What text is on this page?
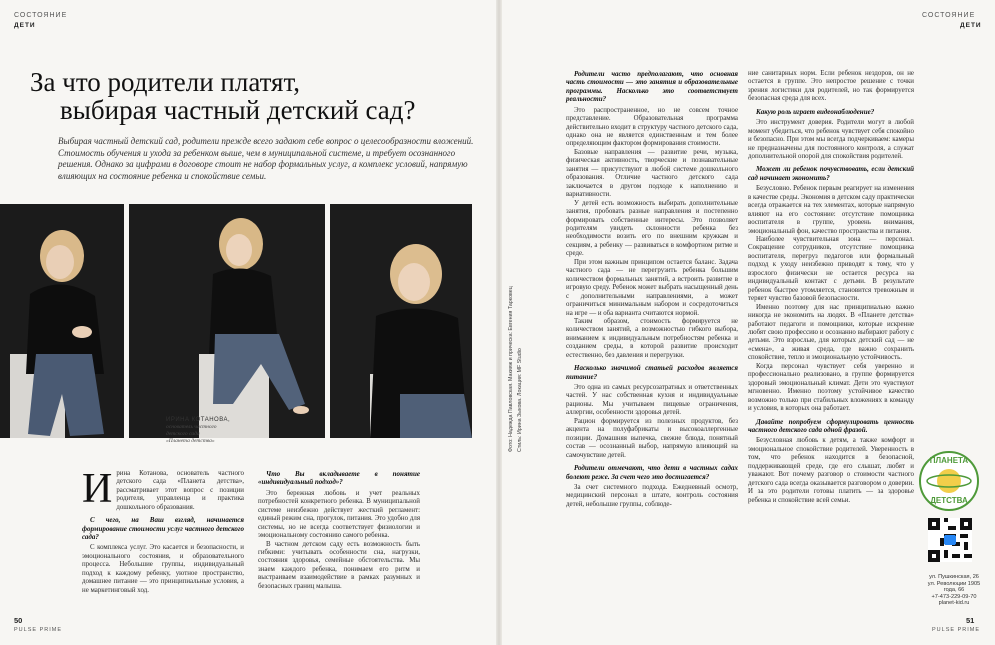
СОСТОЯНИЕ
ДЕТИ
СОСТОЯНИЕ
ДЕТИ
За что родители платят,
выбирая частный детский сад?
Выбирая частный детский сад, родители прежде всего задают себе вопрос о целесообразности вложений. Стоимость обучения и ухода за ребенком выше, чем в муниципальной системе, и требует осознанного решения. Однако за цифрами в договоре стоит не набор формальных услуг, а комплекс условий, напрямую влияющих на состояние ребенка и спокойствие семьи.
ИРИНА КОТАНОВА,
основатель частного
детского сада
«Планета детства»	Фото: Надежда Павловская. Макияж и прическа: Евгения Тарковец Стиль: Ирина Зыкова. Локация: MF Studio
И рина Котанова, основатель частного детского сада «Планета детства», рассматривает этот вопрос с позиции родителя, управленца и практика дошкольного образования.
С чего, на Ваш взгляд, начинается формирование стоимости услуг частного детского сада?

С комплекса услуг. Это касается и безопасности, и эмоционального состояния, и образовательного процесса. Небольшие группы, индивидуальный подход к каждому ребенку, уютное пространство, домашнее питание — это принципиальные условия, а не маркетинговый ход.

Что Вы вкладываете в понятие «индивидуальный подход»?

Это бережная любовь и учет реальных потребностей конкретного ребенка. В муниципальной системе неизбежно действует жесткий регламент: единый режим сна, прогулок, питания. Это удобно для системы, но не всегда соответствует физиологии и эмоциональному состоянию самого ребенка.

В частном детском саду есть возможность быть гибкими: учитывать особенности сна, нагрузки, состояния здоровья, семейные обстоятельства. Мы знаем каждого ребенка, понимаем его ритм и выстраиваем взаимодействие в рамках разумных и безопасных границ малыша.

Родители часто предполагают, что основная часть стоимости — это занятия и образовательные программы. Насколько это соответствует реальности?

Это распространенное, но не совсем точное представление. Образовательная программа действительно входит в структуру частного детского сада, однако она не является единственным и тем более определяющим фактором формирования стоимости.

Базовые направления — развитие речи, музыка, физическая активность, творческие и познавательные занятия — присутствуют в любой системе дошкольного образования. Отличие частного детского сада заключается в другом подходе к наполнению и вариативности.

У детей есть возможность выбирать дополнительные занятия, пробовать разные направления и постепенно формировать собственные интересы. Это позволяет родителям увидеть склонности ребенка без необходимости возить его по внешним кружкам и секциям, а ребенку — развиваться в комфортном ритме и среде.

При этом важным принципом остается баланс. Задача частного сада — не перегрузить ребенка большим количеством формальных занятий, а встроить развитие в игровую среду. Ребенок может выбрать насыщенный день с дополнительными направлениями, а может ограничиться минимальным набором и сосредоточиться на игре — и оба варианта считаются нормой.

Таким образом, стоимость формируется не количеством занятий, а возможностью гибкого выбора, вниманием к индивидуальным потребностям ребенка и созданием среды, в которой развитие происходит естественно, без давления и перегрузки.

Насколько значимой статьей расходов является питание?

Это одна из самых ресурсозатратных и ответственных частей. У нас собственная кухня и индивидуальные рационы. Мы учитываем пищевые ограничения, аллергии, особенности здоровья детей.

Рацион формируется из полезных продуктов, без акцента на полуфабрикаты и высокоаллергенные позиции. Домашняя выпечка, свежие блюда, понятный состав — осознанный выбор, напрямую влияющий на самочувствие детей.

Родители отмечают, что дети в частных садах болеют реже. За счет чего это достигается?

За счет системного подхода. Ежедневный осмотр, медицинский персонал в штате, контроль состояния детей, небольшие группы, соблюде-

ние санитарных норм. Если ребенок нездоров, он не остается в группе. Это непростое решение с точки зрения логистики для родителей, но так формируется безопасная среда для всех.

Какую роль играет видеонаблюдение?

Это инструмент доверия. Родители могут в любой момент убедиться, что ребенок чувствует себя спокойно и безопасно. При этом мы всегда подчеркиваем: камеры не предназначены для постоянного контроля, а служат дополнительной опорой для спокойствия родителей.

Может ли ребенок почувствовать, если детский сад начинает экономить?

Безусловно. Ребенок первым реагирует на изменения в качестве среды. Экономия в детском саду практически всегда отражается на тех элементах, которые напрямую влияют на его состояние: отсутствие помощника воспитателя в группе, уровень внимания, эмоциональный фон, качество пространства и питания.

Наиболее чувствительная зона — персонал. Сокращение сотрудников, отсутствие помощника воспитателя, перегруз педагогов или формальный подход к уходу неизбежно приводят к тому, что у взрослого физически не остается ресурса на индивидуальный контакт с детьми. В результате ребенок быстрее утомляется, становится тревожным и теряет чувство базовой безопасности.

Именно поэтому для нас принципиально важно никогда не экономить на людях. В «Планете детства» работают педагоги и помощники, которые искренне любят свою профессию и осознанно выбирают работу с детьми. Это взрослые, для которых детский сад — не «смена», а живая среда, где важно сохранить спокойствие, тепло и эмоциональную устойчивость.

Когда персонал чувствует себя уверенно и профессионально реализовано, в группе формируется здоровый эмоциональный климат. Дети это чувствуют мгновенно. Именно поэтому устойчивое качество возможно только при стабильных вложениях в команду и условия, в которых она работает.

Давайте попробуем сформулировать ценность частного детского сада одной фразой.

Безусловная любовь к детям, а также комфорт и эмоциональное спокойствие родителей. Уверенность в том, что ребенок находится в безопасной, поддерживающей среде, где его слышат, любят и уважают. Вот почему разговор о стоимости частного детского сада всегда оказывается разговором о доверии. И за это родители готовы платить — за здоровье ребенка и спокойствие всей семьи.

ПЛАНЕТА
ДЕТСТВА
ул. Пушкинская, 26
ул. Революции 1905
года, 66
+7-473-229-09-70
planet-kid.ru
50
PULSE PRIME
51
PULSE PRIME
